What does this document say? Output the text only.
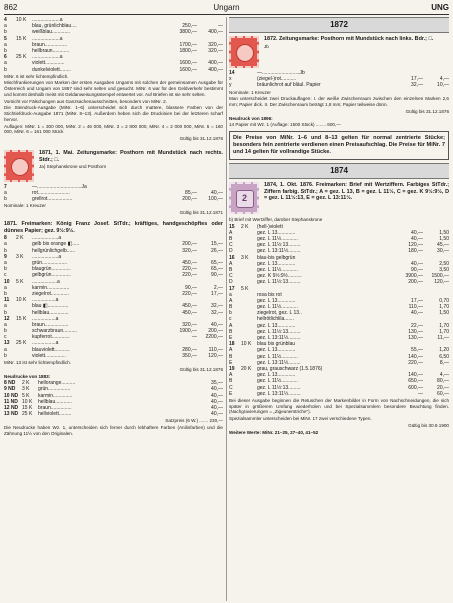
862	Ungarn	UNG
4	10 K	....................a
a	blau, grünlichblau....	250,—	—
b	weißblau.............	3800,—	400,—
5	15 K	....................a
a	braun................	1700,—	320,—
b	hellbraun............	1800,—	320,—
6	25 K	....................a
a	violett..............	1600,—	400,—
b	dunkelviolett........	1600,—	400,—

MiNr. 6 ist sehr lichtempfindlich.

Mischfrankierungen von Marken der ersten Ausgaben Ungarns mit solchen der gemeinsamen Ausgabe für Österreich und Ungarn von 1867 sind sehr selten und gesucht. MiNr. 6 war für den Geldverkehr bestimmt und kommt deshalb meist mit Geldanweisungsstempel entwertet vor. Auf Briefen ist sie sehr selten.

Vorsicht vor Fälschungen aus Ganzsachenausschnitten, besonders von MiNr. 2.

Die Steindruck-Ausgabe (MiNr. 1–6) unterscheidet sich durch mattere, blassere Farben von der Stichtiefdruck-Ausgabe 1871 (MiNr. 8–13). Außerdem heben sich die Druckinien bei der letzteren scharf hervor.

Auflagen: MiNr. 1 = 300 000, MiNr. 2 = 46 000, MiNr. 3 = 2 800 000, MiNr. 4 = 2 000 000, MiNr. 5 = 160 000, MiNr. 6 = 161 000 Stück

Gültig bis 31.12.1876

1871, 1. Mai. Zeitungsmarke: Posthorn mit Mundstück nach rechts. Stdr.; □.

Ja) Stephanskrone und Posthorn

7	—................................Ja
a	rot.......................	85,—	40,—
b	grellrot..................	200,—	100,—

Nominale: 1 Kreuzer

Gültig bis 31.12.1871

1871. Freimarken: König Franz Josef. StTdr.; kräftiges, handgeschöpftes oder dünnes Papier; gez. 9½:9½.

8	2 K	...................a
a	gelb bis orange ◧.....	200,—	15,—
b	hellgrünlichgelb......	320,—	26,—
9	3 K	...................a
a	grün..................	450,—	65,—
b	blaugrün..............	220,—	65,—
c	gelbgrün..............	220,—	90,—
10	5 K	..................a
a	karmin................	90,—	2,—
b	ziegelrot.............	220,—	17,—
11	10 K	.................a
a	blau ◧...............	450,—	32,—
b	hellblau..............	450,—	32,—
12	15 K	.................a
a	braun.................	320,—	40,—
b	schwarzbraun..........	1900,—	200,—
c	kupferrot.............	—	2200,—
13	25 K	.................a
a	blauviolett...........	280,—	110,—
b	violett...............	350,—	120,—

MiNr. 13 ist sehr lichtempfindlich.

Gültig bis 31.12.1876

Neudrucke von 1883:

8 ND	2 K	hellorange..........	35,—
9 ND	3 K	grün................	40,—
10 ND 5 K	karmin..............	40,—
11 ND 10 K	hellblau............	40,—
12 ND 15 K	braun...............	40,—
13 ND 25 K	hellviolett.........	40,—

Satzpreis (6 W.) ....... 230,—

Die Neudrucke haben Wz. 1, unterscheiden sich ferner durch lebhaftere Farben (Anilinfarben) und die Zähnung 11½ von den Originalen.

1872

1872. Zeitungsmarke: Posthorn mit Mundstück nach links. Bdr.; □.

Jb

14	—...........................Jb
x	(ziegel-)rot...........	17,—	4,—
y	bräunlichrot auf bläul. Papier	32,—	10,—

Nominale: 1 Kreuzer

Man unterscheidet zwei Druckauflagen: I. der weiße Zwischenraum zwischen den einzelnen Marken 2,6 mm; Papier dick. II. Der Zwischenraum beträgt 1,8 mm; Papier teilweise dünn.

Gültig bis 31.12.1876

Neudruck von 1896:

14 Papier mit Wz. 1 (Auflage: 1500 Stück) ........ 600,—

Die Preise von MiNr. 1–6 und 8–13 gelten für normal zentrierte Stücke; besonders fein zentrierte verdienen einen Preisaufschlag. Die Preise für MiNr. 7 und 14 gelten für vollrandige Stücke.

1874
2

1874, 1. Okt. 1876. Freimarken: Brief mit Wertziffern. Farbiges StTdr.; Ziffern farbig. StTdr.; A = gez. L 13, B = gez. L 11½, C = gez. K 9½:9½, D = gez. L 11½:13, E = gez. L 13:11½.

b) Brief mit Wertziffer, darüber Stephanskrone

15	2 K	(hell-)violett
A	gez. L 13.............	40,—	1,50
B	gez. L 11½............	40,—	1,50
C	gez. L 11½:13.........	120,—	45,—
D	gez. L 13:11½.........	180,—	30,—
16	3 K	blau-bis gelbgrün
A	gez. L 13.............	40,—	2,50
B	gez. L 11½............	90,—	3,50
C	gez. K 9½:9½..........	3900,—	1500,—
D	gez. L 11½:13.........	200,—	120,—
17	5 K
a	rosa bis rot
A	gez. L 13.............	17,—	0,70
B	gez. L 11½............	110,—	1,70
b	ziegelrot, gez. L 13..	40,—	1,50
c	hellrötlichlila.......
A	gez. L 13.............	22,—	1,70
B	gez. L 11½:13.........	130,—	1,70
E	gez. L 13:11½.........	130,—	11,—
18	10 K	blau bis grünblau
A	gez. L 13.............	55,—	1,20
B	gez. L 11½............	140,—	6,50
E	gez. L 13:11½.........	220,—	8,—
19	20 K	grau, grauschwarz (1.5.1876)
A	gez. L 13.............	140,—	4,—
B	gez. L 11½............	650,—	80,—
C	gez. L 11½:13.........	600,—	20,—
E	gez. L 13:11½.........	—	60,—

Bei dieser Ausgabe beginnen die Retuschen der Markenbilder in Form von Nachschneidungen, die sich später in größerem Umfang wiederholen und bei Spezialsammlern besondere Beachtung finden. (Nachgravierungen = „Zigeunerstriche").

Spezialsammler unterscheiden bei MiNr. 17 zwei verschiedene Typen.

Gültig bis 30.9.1900

Weitere Werte: MiNr. 21–25, 27–40, 41–52
